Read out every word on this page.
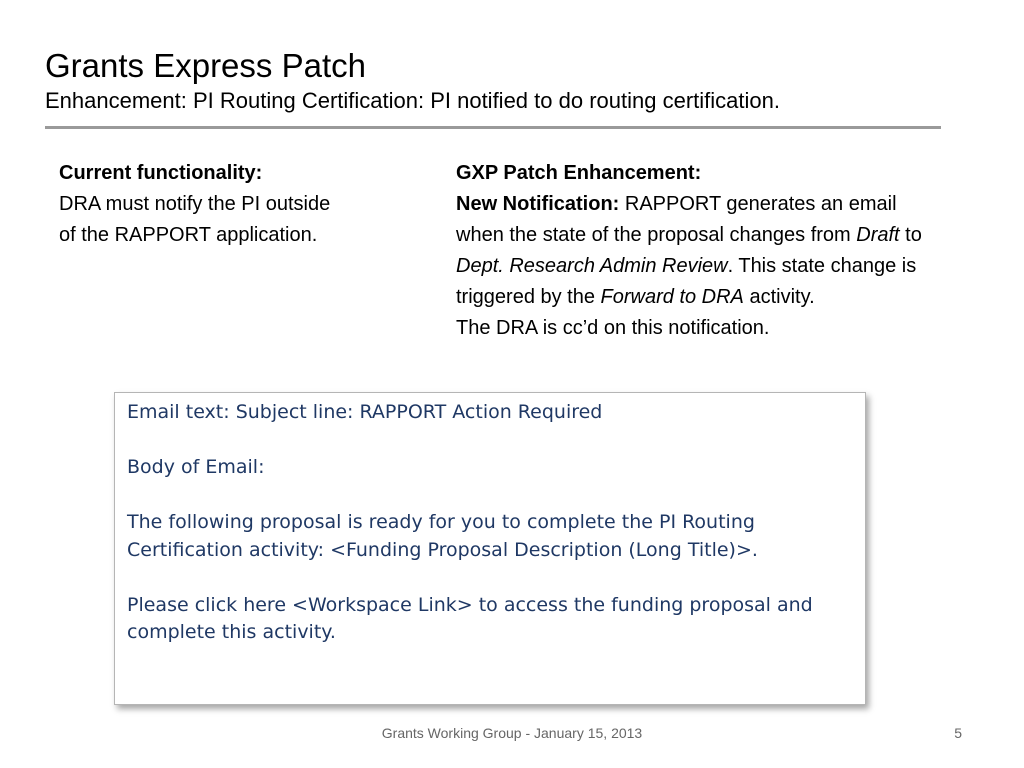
Grants Express Patch
Enhancement: PI Routing Certification: PI notified to do routing certification.
Current functionality:
DRA must notify the PI outside
of the RAPPORT application.
GXP Patch Enhancement:
New Notification: RAPPORT generates an email when the state of the proposal changes from Draft to Dept. Research Admin Review. This state change is triggered by the Forward to DRA activity.
The DRA is cc’d on this notification.

Email text: Subject line: RAPPORT Action Required

Body of Email:

The following proposal is ready for you to complete the PI Routing Certification activity: <Funding Proposal Description (Long Title)>.

Please click here <Workspace Link> to access the funding proposal and complete this activity.

Grants Working Group - January 15, 2013	5
